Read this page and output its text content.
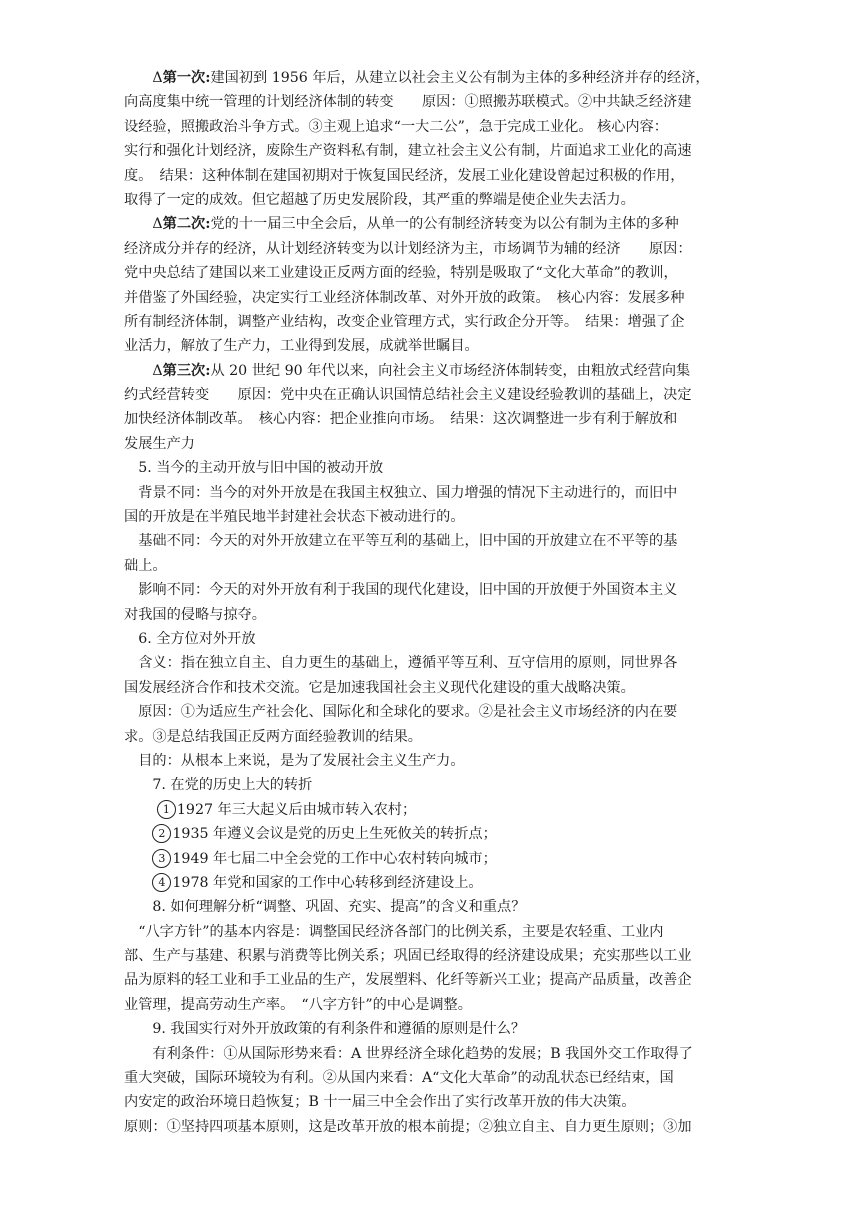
　　Δ第一次:建国初到 1956 年后，从建立以社会主义公有制为主体的多种经济并存的经济，
向高度集中统一管理的计划经济体制的转变　　原因：①照搬苏联模式。②中共缺乏经济建
设经验，照搬政治斗争方式。③主观上追求“一大二公”，急于完成工业化。 核心内容：
实行和强化计划经济，废除生产资料私有制，建立社会主义公有制，片面追求工业化的高速
度。　结果：这种体制在建国初期对于恢复国民经济，发展工业化建设曾起过积极的作用，
取得了一定的成效。但它超越了历史发展阶段，其严重的弊端是使企业失去活力。
　　Δ第二次:党的十一届三中全会后，从单一的公有制经济转变为以公有制为主体的多种
经济成分并存的经济，从计划经济转变为以计划经济为主，市场调节为辅的经济　　原因：
党中央总结了建国以来工业建设正反两方面的经验，特别是吸取了“文化大革命”的教训，
并借鉴了外国经验，决定实行工业经济体制改革、对外开放的政策。　核心内容：发展多种
所有制经济体制，调整产业结构，改变企业管理方式，实行政企分开等。　结果：增强了企
业活力，解放了生产力，工业得到发展，成就举世瞩目。
　　Δ第三次:从 20 世纪 90 年代以来，向社会主义市场经济体制转变，由粗放式经营向集
约式经营转变　　原因：党中央在正确认识国情总结社会主义建设经验教训的基础上，决定
加快经济体制改革。　核心内容：把企业推向市场。　结果：这次调整进一步有利于解放和
发展生产力
　5. 当今的主动开放与旧中国的被动开放
　背景不同：当今的对外开放是在我国主权独立、国力增强的情况下主动进行的，而旧中
国的开放是在半殖民地半封建社会状态下被动进行的。
　基础不同：今天的对外开放建立在平等互利的基础上，旧中国的开放建立在不平等的基
础上。
　影响不同：今天的对外开放有利于我国的现代化建设，旧中国的开放便于外国资本主义
对我国的侵略与掠夺。
　6. 全方位对外开放
　含义：指在独立自主、自力更生的基础上，遵循平等互利、互守信用的原则，同世界各
国发展经济合作和技术交流。它是加速我国社会主义现代化建设的重大战略决策。
　原因：①为适应生产社会化、国际化和全球化的要求。②是社会主义市场经济的内在要
求。③是总结我国正反两方面经验教训的结果。
　目的：从根本上来说，是为了发展社会主义生产力。
　　7. 在党的历史上大的转折
　　 1 1927 年三大起义后由城市转入农村；
　　2 1935 年遵义会议是党的历史上生死攸关的转折点；
　　3 1949 年七届二中全会党的工作中心农村转向城市；
　　4 1978 年党和国家的工作中心转移到经济建设上。
　　8. 如何理解分析“调整、巩固、充实、提高”的含义和重点？
　“八字方针”的基本内容是：调整国民经济各部门的比例关系，主要是农轻重、工业内
部、生产与基建、积累与消费等比例关系；巩固已经取得的经济建设成果；充实那些以工业
品为原料的轻工业和手工业品的生产，发展塑料、化纤等新兴工业；提高产品质量，改善企
业管理，提高劳动生产率。　“八字方针”的中心是调整。
　　9. 我国实行对外开放政策的有利条件和遵循的原则是什么？
　　有利条件：①从国际形势来看：A 世界经济全球化趋势的发展；B 我国外交工作取得了
重大突破，国际环境较为有利。②从国内来看：A“文化大革命”的动乱状态已经结束，国
内安定的政治环境日趋恢复；B 十一届三中全会作出了实行改革开放的伟大决策。
原则：①坚持四项基本原则，这是改革开放的根本前提；②独立自主、自力更生原则；③加
